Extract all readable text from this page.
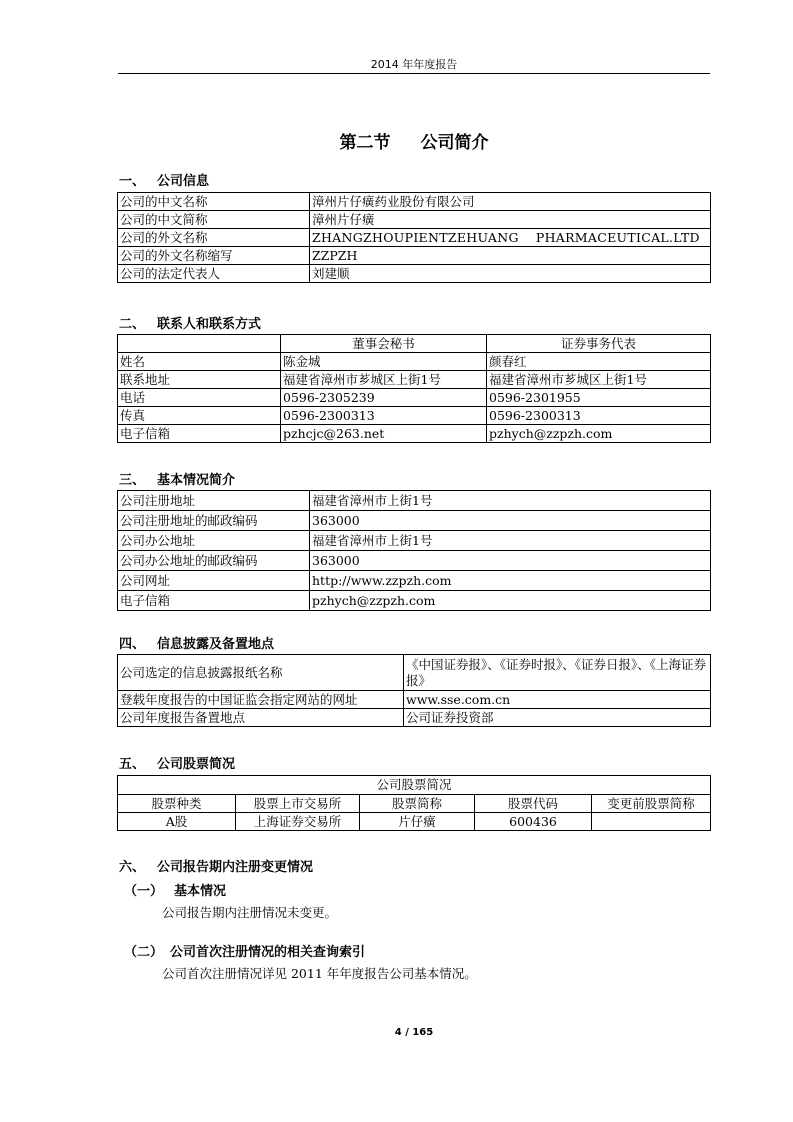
2014 年年度报告
第二节 公司简介
一、 公司信息
公司的中文名称	漳州片仔癀药业股份有限公司
公司的中文简称	漳州片仔癀
公司的外文名称	ZHANGZHOUPIENTZEHUANG    PHARMACEUTICAL.LTD
公司的外文名称缩写	ZZPZH
公司的法定代表人	刘建顺
二、 联系人和联系方式
	董事会秘书	证券事务代表
姓名	陈金城	颜春红
联系地址	福建省漳州市芗城区上街1号	福建省漳州市芗城区上街1号
电话	0596-2305239	0596-2301955
传真	0596-2300313	0596-2300313
电子信箱	pzhcjc@263.net	pzhych@zzpzh.com
三、 基本情况简介
公司注册地址	福建省漳州市上街1号
公司注册地址的邮政编码	363000
公司办公地址	福建省漳州市上街1号
公司办公地址的邮政编码	363000
公司网址	http://www.zzpzh.com
电子信箱	pzhych@zzpzh.com
四、 信息披露及备置地点
公司选定的信息披露报纸名称	《中国证券报》、《证券时报》、《证券日报》、《上海证券报》
登载年度报告的中国证监会指定网站的网址	www.sse.com.cn
公司年度报告备置地点	公司证券投资部
五、 公司股票简况
公司股票简况				
股票种类	股票上市交易所	股票简称	股票代码	变更前股票简称
A股	上海证券交易所	片仔癀	600436	
六、 公司报告期内注册变更情况
（一） 基本情况
公司报告期内注册情况未变更。
（二） 公司首次注册情况的相关查询索引
公司首次注册情况详见 2011 年年度报告公司基本情况。
4 / 165
